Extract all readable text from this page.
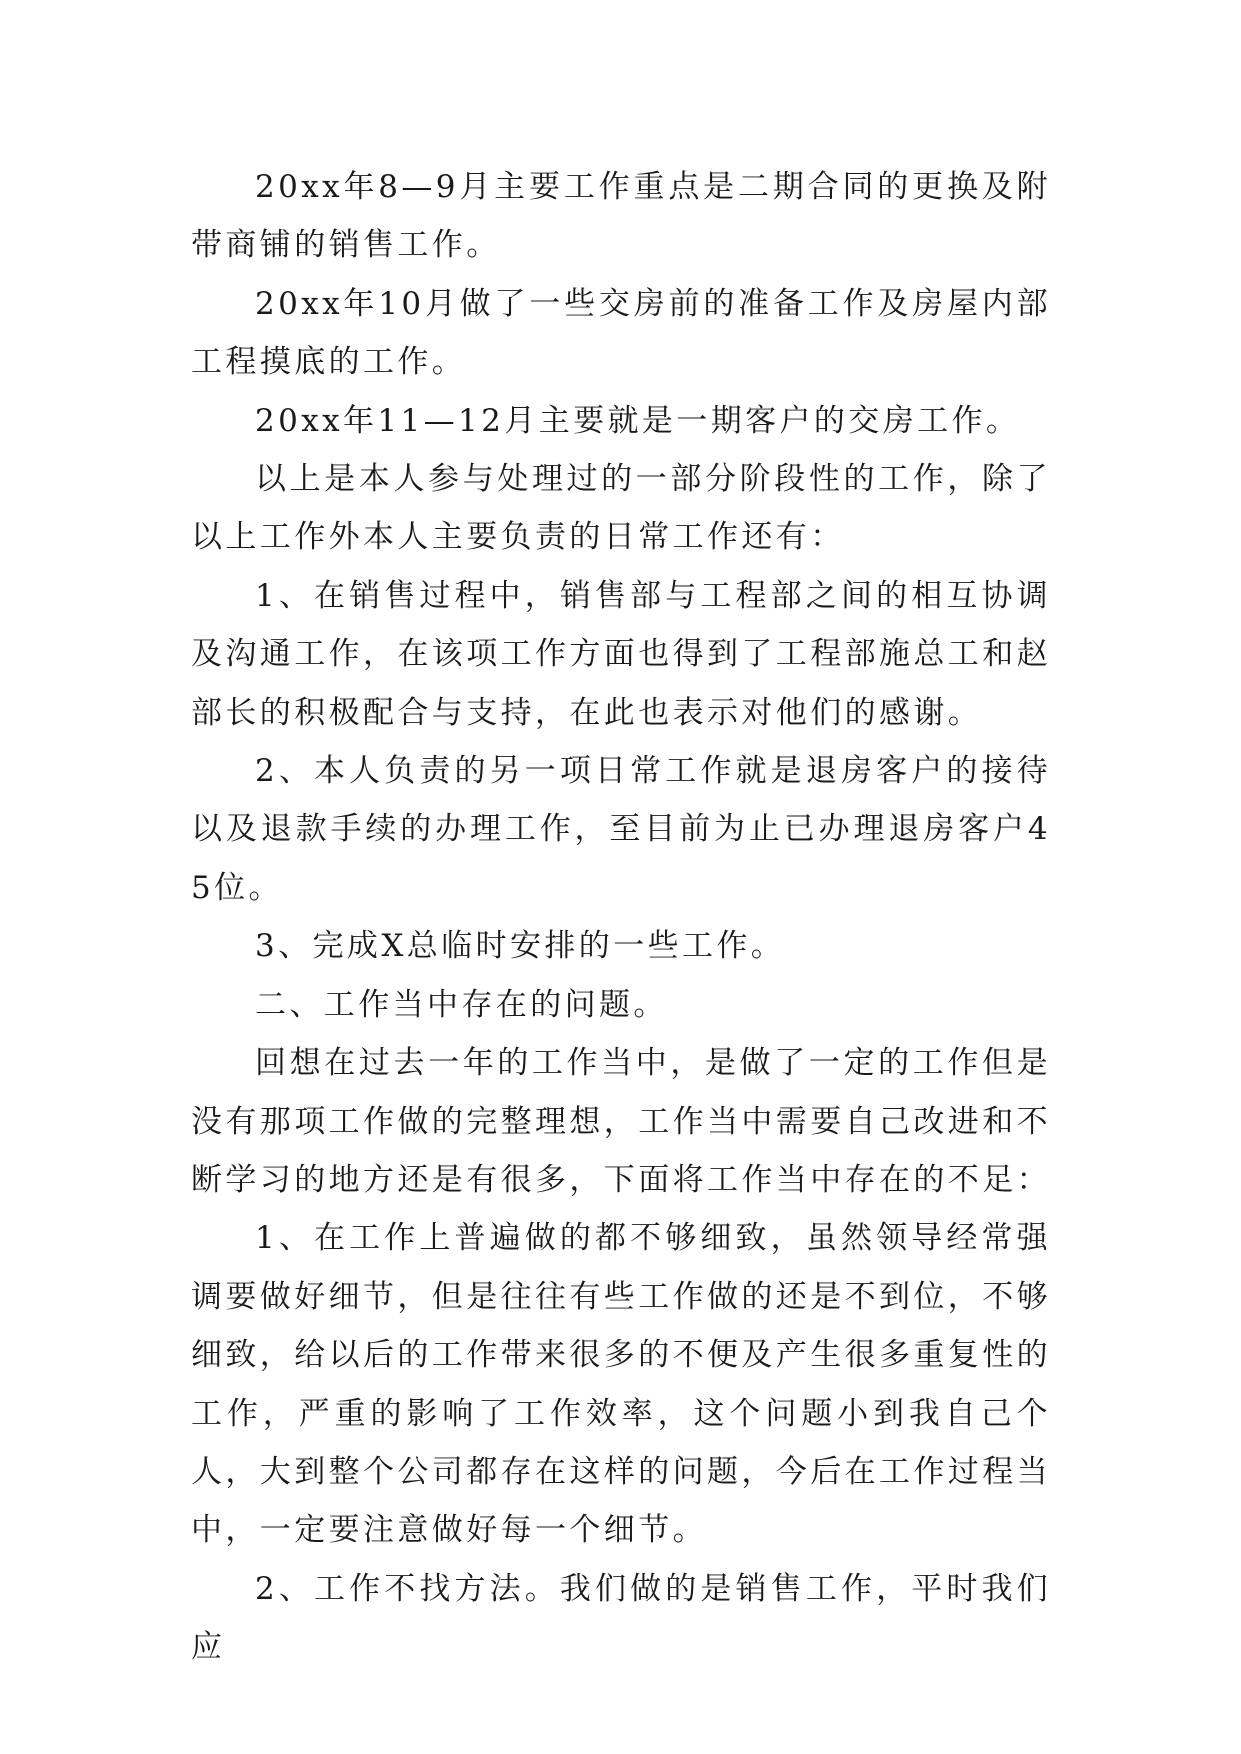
20xx年8—9月主要工作重点是二期合同的更换及附带商铺的销售工作。

20xx年10月做了一些交房前的准备工作及房屋内部工程摸底的工作。

20xx年11—12月主要就是一期客户的交房工作。

以上是本人参与处理过的一部分阶段性的工作，除了以上工作外本人主要负责的日常工作还有：

1、在销售过程中，销售部与工程部之间的相互协调及沟通工作，在该项工作方面也得到了工程部施总工和赵部长的积极配合与支持，在此也表示对他们的感谢。

2、本人负责的另一项日常工作就是退房客户的接待以及退款手续的办理工作，至目前为止已办理退房客户45位。

3、完成X总临时安排的一些工作。

二、工作当中存在的问题。

回想在过去一年的工作当中，是做了一定的工作但是没有那项工作做的完整理想，工作当中需要自己改进和不断学习的地方还是有很多，下面将工作当中存在的不足：

1、在工作上普遍做的都不够细致，虽然领导经常强调要做好细节，但是往往有些工作做的还是不到位，不够细致，给以后的工作带来很多的不便及产生很多重复性的工作，严重的影响了工作效率，这个问题小到我自己个人，大到整个公司都存在这样的问题，今后在工作过程当中，一定要注意做好每一个细节。

2、工作不找方法。我们做的是销售工作，平时我们应
